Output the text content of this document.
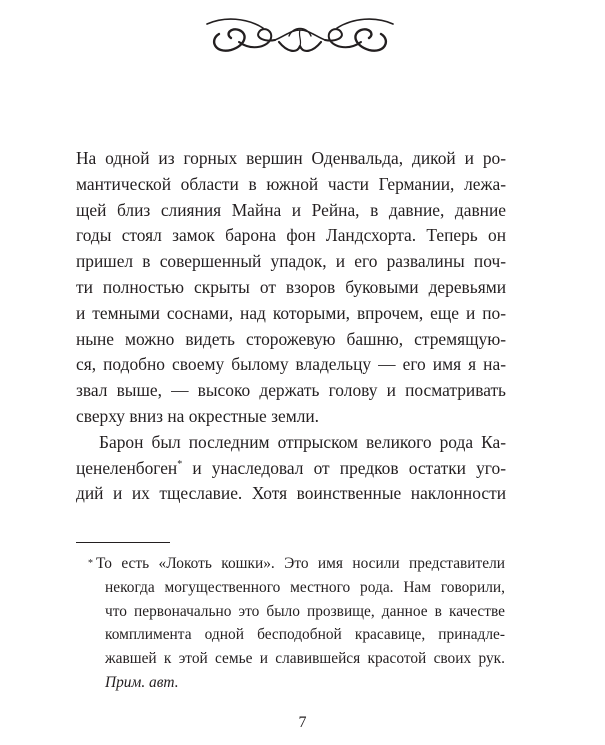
На одной из горных вершин Оденвальда, дикой и ро-
мантической области в южной части Германии, лежа-
щей близ слияния Майна и Рейна, в давние, давние
годы стоял замок барона фон Ландсхорта. Теперь он
пришел в совершенный упадок, и его развалины поч-
ти полностью скрыты от взоров буковыми деревьями
и темными соснами, над которыми, впрочем, еще и по-
ныне можно видеть сторожевую башню, стремящую-
ся, подобно своему былому владельцу — его имя я на-
звал выше, — высоко держать голову и посматривать
сверху вниз на окрестные земли.

Барон был последним отпрыском великого рода Ка-
ценеленбоген* и унаследовал от предков остатки уго-
дий и их тщеславие. Хотя воинственные наклонности

* То есть «Локоть кошки». Это имя носили представители
некогда могущественного местного рода. Нам говорили,
что первоначально это было прозвище, данное в качестве
комплимента одной бесподобной красавице, принадле-
жавшей к этой семье и славившейся красотой своих рук.
Прим. авт.
7
